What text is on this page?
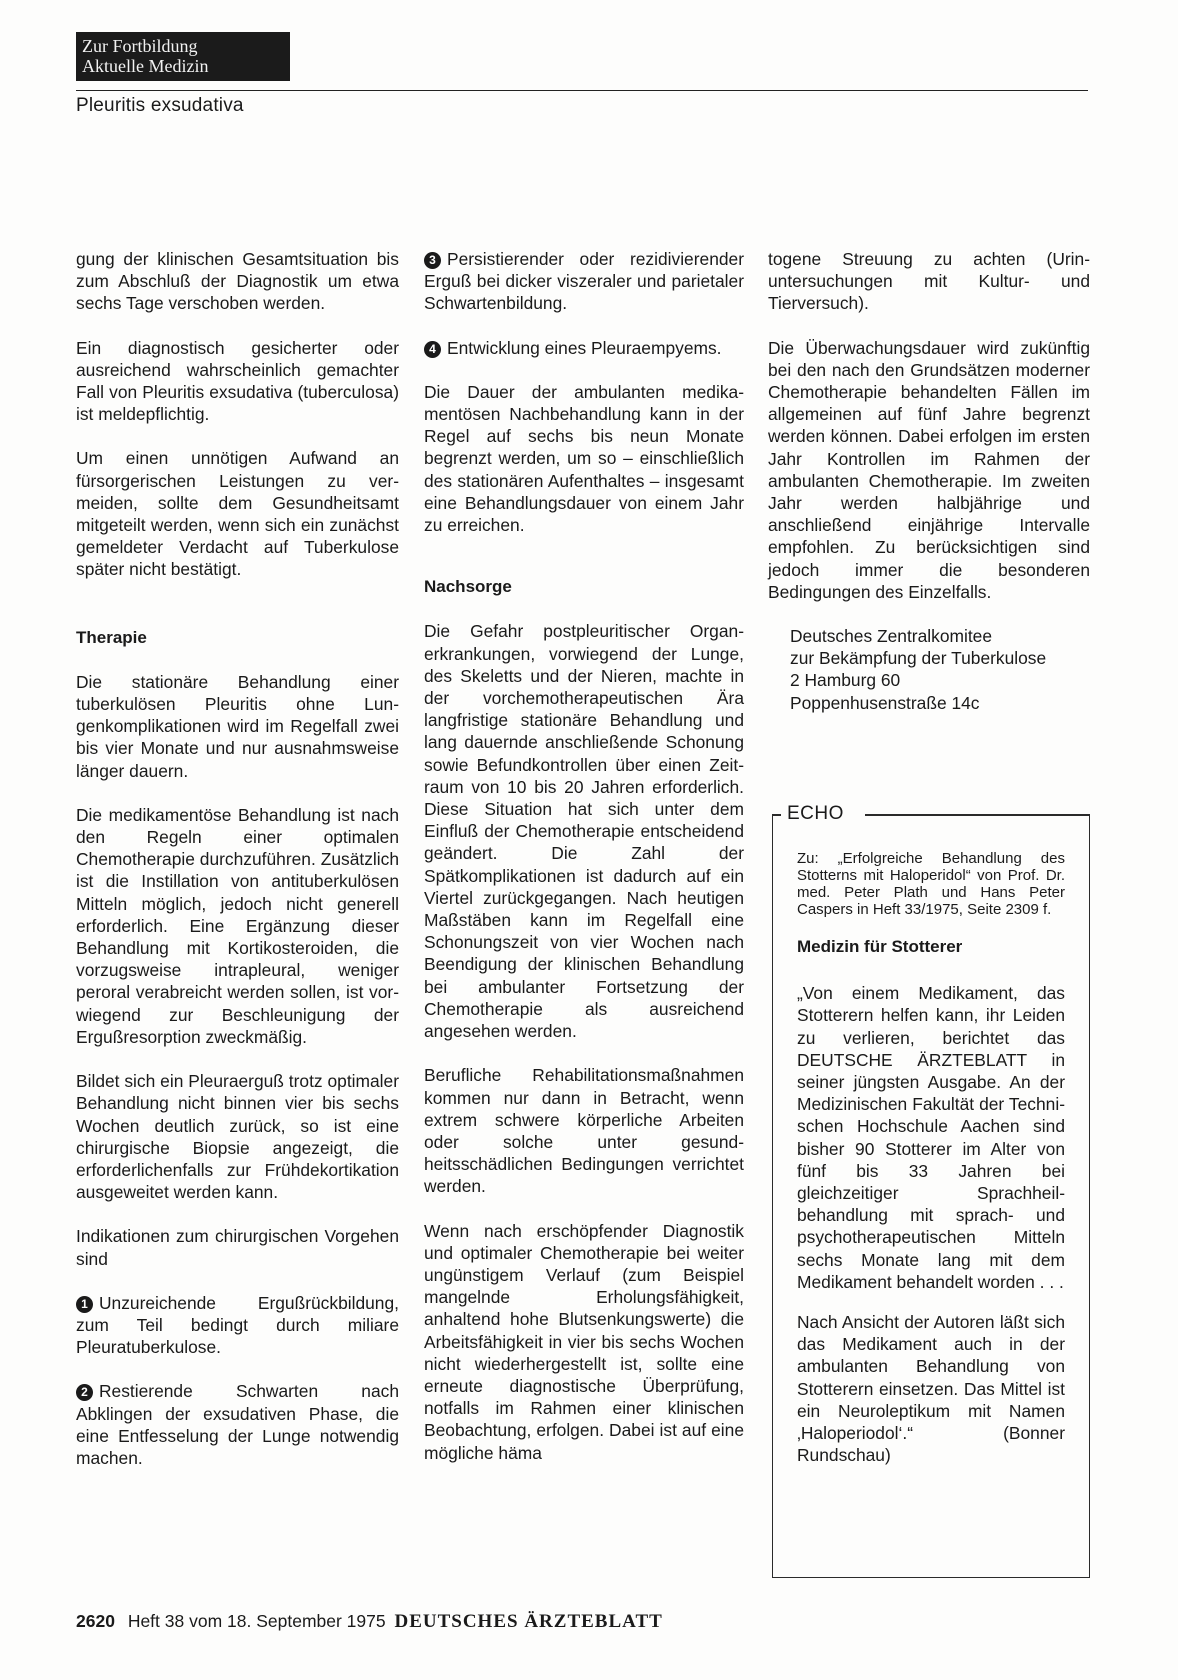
Zur Fortbildung
Aktuelle Medizin
Pleuritis exsudativa

gung der klinischen Gesamtsituation bis zum Abschluß der Diagnostik um etwa sechs Tage verschoben werden.

Ein diagnostisch gesicherter oder ausreichend wahrscheinlich gemachter Fall von Pleuritis exsudativa (tuberculosa) ist meldepflichtig.

Um einen unnötigen Aufwand an fürsorgerischen Leistungen zu vermeiden, sollte dem Gesundheitsamt mitgeteilt werden, wenn sich ein zunächst gemeldeter Verdacht auf Tuberkulose später nicht bestätigt.

Therapie

Die stationäre Behandlung einer tuberkulösen Pleuritis ohne Lungenkomplikationen wird im Regelfall zwei bis vier Monate und nur ausnahmsweise länger dauern.

Die medikamentöse Behandlung ist nach den Regeln einer optimalen Chemotherapie durchzuführen. Zusätzlich ist die Instillation von antituberkulösen Mitteln möglich, jedoch nicht generell erforderlich. Eine Ergänzung dieser Behandlung mit Kortikosteroiden, die vorzugsweise intrapleural, weniger peroral verabreicht werden sollen, ist vorwiegend zur Beschleunigung der Ergußresorption zweckmäßig.

Bildet sich ein Pleuraerguß trotz optimaler Behandlung nicht binnen vier bis sechs Wochen deutlich zurück, so ist eine chirurgische Biopsie angezeigt, die erforderlichenfalls zur Frühdekortikation ausgeweitet werden kann.

Indikationen zum chirurgischen Vorgehen sind

1 Unzureichende Ergußrückbildung, zum Teil bedingt durch miliare Pleuratuberkulose.

2 Restierende Schwarten nach Abklingen der exsudativen Phase, die eine Entfesselung der Lunge notwendig machen.

3 Persistierender oder rezidivierender Erguß bei dicker viszeraler und parietaler Schwartenbildung.

4 Entwicklung eines Pleuraempyems.

Die Dauer der ambulanten medikamentösen Nachbehandlung kann in der Regel auf sechs bis neun Monate begrenzt werden, um so – einschließlich des stationären Aufenthaltes – insgesamt eine Behandlungsdauer von einem Jahr zu erreichen.

Nachsorge

Die Gefahr postpleuritischer Organerkrankungen, vorwiegend der Lunge, des Skeletts und der Nieren, machte in der vorchemotherapeutischen Ära langfristige stationäre Behandlung und lang dauernde anschließende Schonung sowie Befundkontrollen über einen Zeitraum von 10 bis 20 Jahren erforderlich. Diese Situation hat sich unter dem Einfluß der Chemotherapie entscheidend geändert. Die Zahl der Spätkomplikationen ist dadurch auf ein Viertel zurückgegangen. Nach heutigen Maßstäben kann im Regelfall eine Schonungszeit von vier Wochen nach Beendigung der klinischen Behandlung bei ambulanter Fortsetzung der Chemotherapie als ausreichend angesehen werden.

Berufliche Rehabilitationsmaßnahmen kommen nur dann in Betracht, wenn extrem schwere körperliche Arbeiten oder solche unter gesundheitsschädlichen Bedingungen verrichtet werden.

Wenn nach erschöpfender Diagnostik und optimaler Chemotherapie bei weiter ungünstigem Verlauf (zum Beispiel mangelnde Erholungsfähigkeit, anhaltend hohe Blutsenkungswerte) die Arbeitsfähigkeit in vier bis sechs Wochen nicht wiederhergestellt ist, sollte eine erneute diagnostische Überprüfung, notfalls im Rahmen einer klinischen Beobachtung, erfolgen. Dabei ist auf eine mögliche häma

togene Streuung zu achten (Urinuntersuchungen mit Kultur- und Tierversuch).

Die Überwachungsdauer wird zukünftig bei den nach den Grundsätzen moderner Chemotherapie behandelten Fällen im allgemeinen auf fünf Jahre begrenzt werden können. Dabei erfolgen im ersten Jahr Kontrollen im Rahmen der ambulanten Chemotherapie. Im zweiten Jahr werden halbjährige und anschließend einjährige Intervalle empfohlen. Zu berücksichtigen sind jedoch immer die besonderen Bedingungen des Einzelfalls.

Deutsches Zentralkomitee
zur Bekämpfung der Tuberkulose
2 Hamburg 60
Poppenhusenstraße 14c

ECHO

Zu: „Erfolgreiche Behandlung des Stotterns mit Haloperidol“ von Prof. Dr. med. Peter Plath und Hans Peter Caspers in Heft 33/1975, Seite 2309 f.

Medizin für Stotterer

„Von einem Medikament, das Stotterern helfen kann, ihr Leiden zu verlieren, berichtet das DEUTSCHE ÄRZTEBLATT in seiner jüngsten Ausgabe. An der Medizinischen Fakultät der Technischen Hochschule Aachen sind bisher 90 Stotterer im Alter von fünf bis 33 Jahren bei gleichzeitiger Sprachheilbehandlung mit sprach- und psychotherapeutischen Mitteln sechs Monate lang mit dem Medikament behandelt worden . . .

Nach Ansicht der Autoren läßt sich das Medikament auch in der ambulanten Behandlung von Stotterern einsetzen. Das Mittel ist ein Neuroleptikum mit Namen ‚Haloperiodol‘.“ (Bonner Rundschau)

2620 Heft 38 vom 18. September 1975 DEUTSCHES ÄRZTEBLATT
